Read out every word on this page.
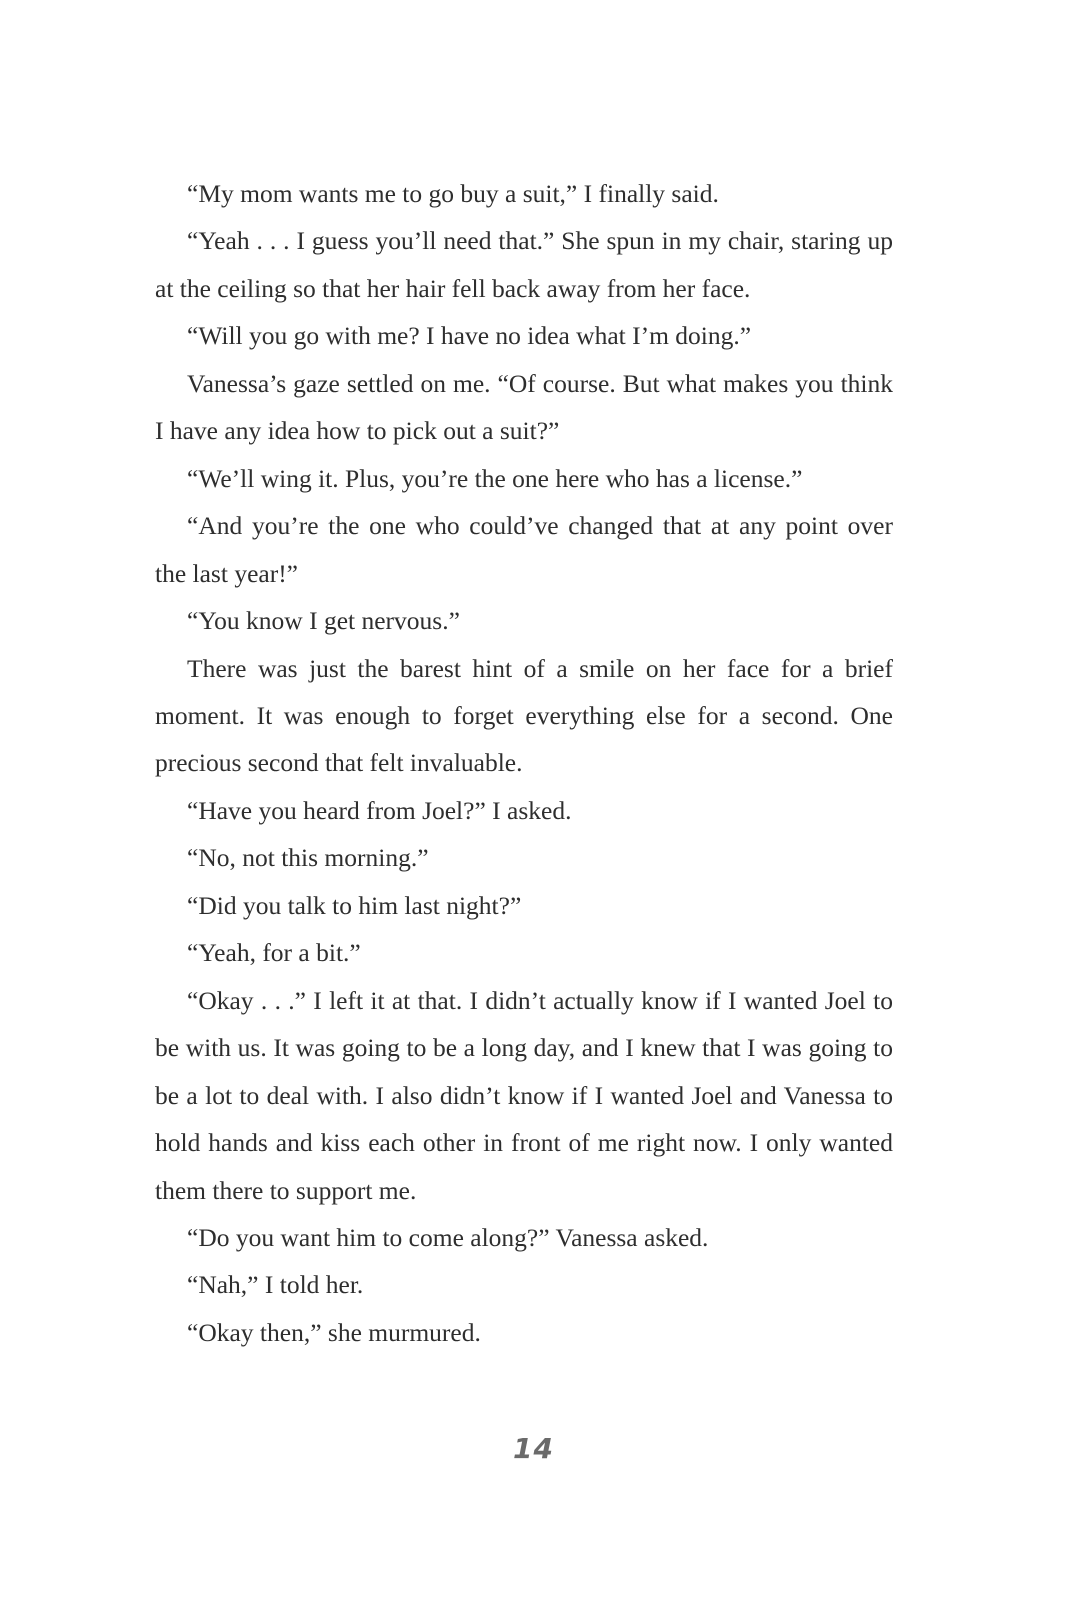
“My mom wants me to go buy a suit,” I finally said.

“Yeah . . . I guess you’ll need that.” She spun in my chair, staring up at the ceiling so that her hair fell back away from her face.

“Will you go with me? I have no idea what I’m doing.”

Vanessa’s gaze settled on me. “Of course. But what makes you think I have any idea how to pick out a suit?”

“We’ll wing it. Plus, you’re the one here who has a license.”

“And you’re the one who could’ve changed that at any point over the last year!”

“You know I get nervous.”

There was just the barest hint of a smile on her face for a brief moment. It was enough to forget everything else for a second. One precious second that felt invaluable.

“Have you heard from Joel?” I asked.

“No, not this morning.”

“Did you talk to him last night?”

“Yeah, for a bit.”

“Okay . . .” I left it at that. I didn’t actually know if I wanted Joel to be with us. It was going to be a long day, and I knew that I was going to be a lot to deal with. I also didn’t know if I wanted Joel and Vanessa to hold hands and kiss each other in front of me right now. I only wanted them there to support me.

“Do you want him to come along?” Vanessa asked.

“Nah,” I told her.

“Okay then,” she murmured.

14
